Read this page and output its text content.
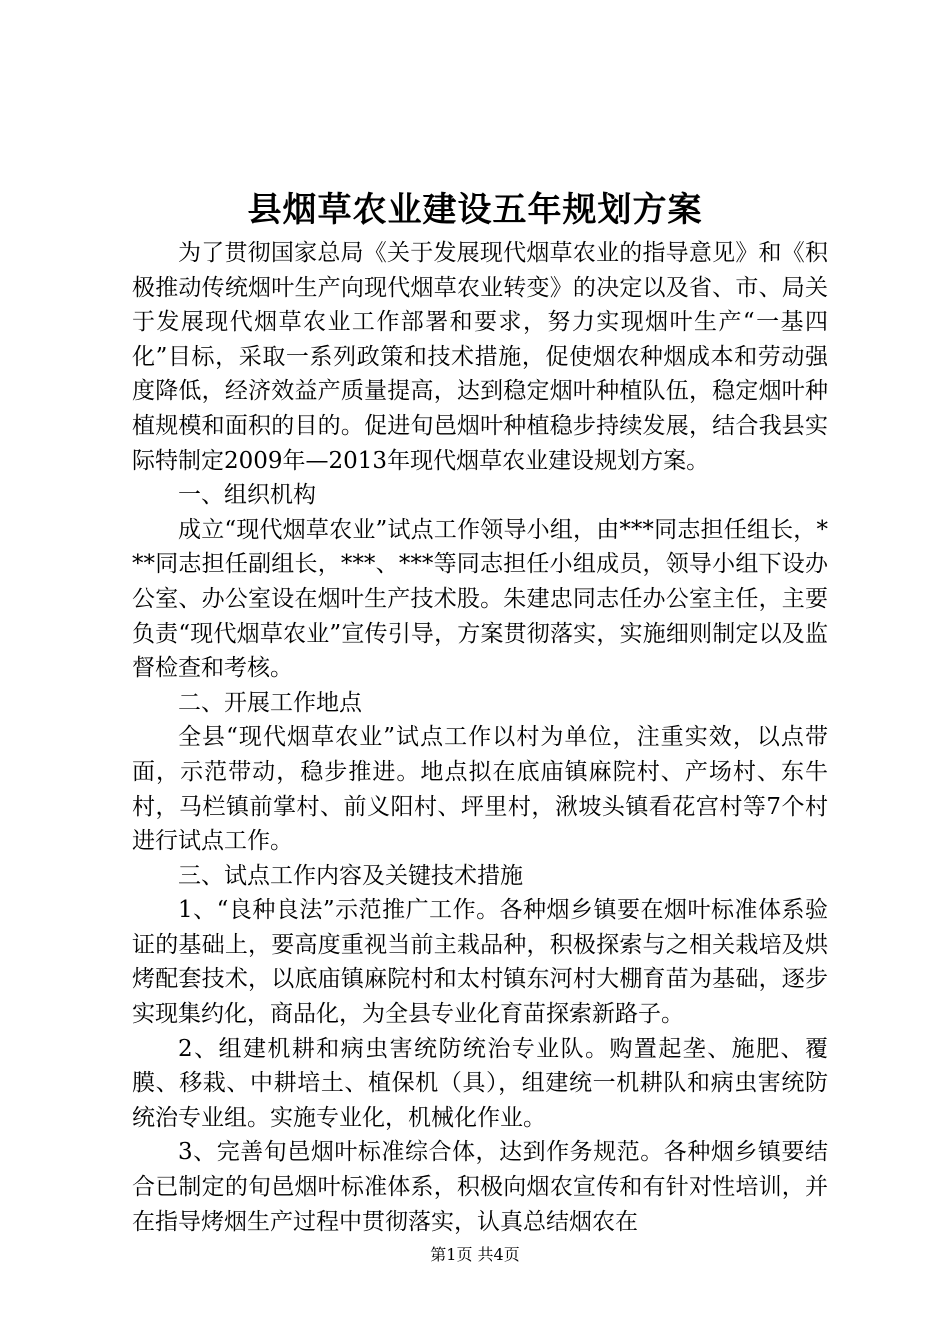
县烟草农业建设五年规划方案

为了贯彻国家总局《关于发展现代烟草农业的指导意见》和《积极推动传统烟叶生产向现代烟草农业转变》的决定以及省、市、局关于发展现代烟草农业工作部署和要求，努力实现烟叶生产“一基四化”目标，采取一系列政策和技术措施，促使烟农种烟成本和劳动强度降低，经济效益产质量提高，达到稳定烟叶种植队伍，稳定烟叶种植规模和面积的目的。促进旬邑烟叶种植稳步持续发展，结合我县实际特制定2009年—2013年现代烟草农业建设规划方案。

一、组织机构

成立“现代烟草农业”试点工作领导小组，由***同志担任组长，***同志担任副组长，***、***等同志担任小组成员，领导小组下设办公室、办公室设在烟叶生产技术股。朱建忠同志任办公室主任，主要负责“现代烟草农业”宣传引导，方案贯彻落实，实施细则制定以及监督检查和考核。

二、开展工作地点

全县“现代烟草农业”试点工作以村为单位，注重实效，以点带面，示范带动，稳步推进。地点拟在底庙镇麻院村、产场村、东牛村，马栏镇前掌村、前义阳村、坪里村，湫坡头镇看花宫村等7个村进行试点工作。

三、试点工作内容及关键技术措施

1、“良种良法”示范推广工作。各种烟乡镇要在烟叶标准体系验证的基础上，要高度重视当前主栽品种，积极探索与之相关栽培及烘烤配套技术，以底庙镇麻院村和太村镇东河村大棚育苗为基础，逐步实现集约化，商品化，为全县专业化育苗探索新路子。

2、组建机耕和病虫害统防统治专业队。购置起垄、施肥、覆膜、移栽、中耕培土、植保机（具），组建统一机耕队和病虫害统防统治专业组。实施专业化，机械化作业。

3、完善旬邑烟叶标准综合体，达到作务规范。各种烟乡镇要结合已制定的旬邑烟叶标准体系，积极向烟农宣传和有针对性培训，并在指导烤烟生产过程中贯彻落实，认真总结烟农在

第1页 共4页
